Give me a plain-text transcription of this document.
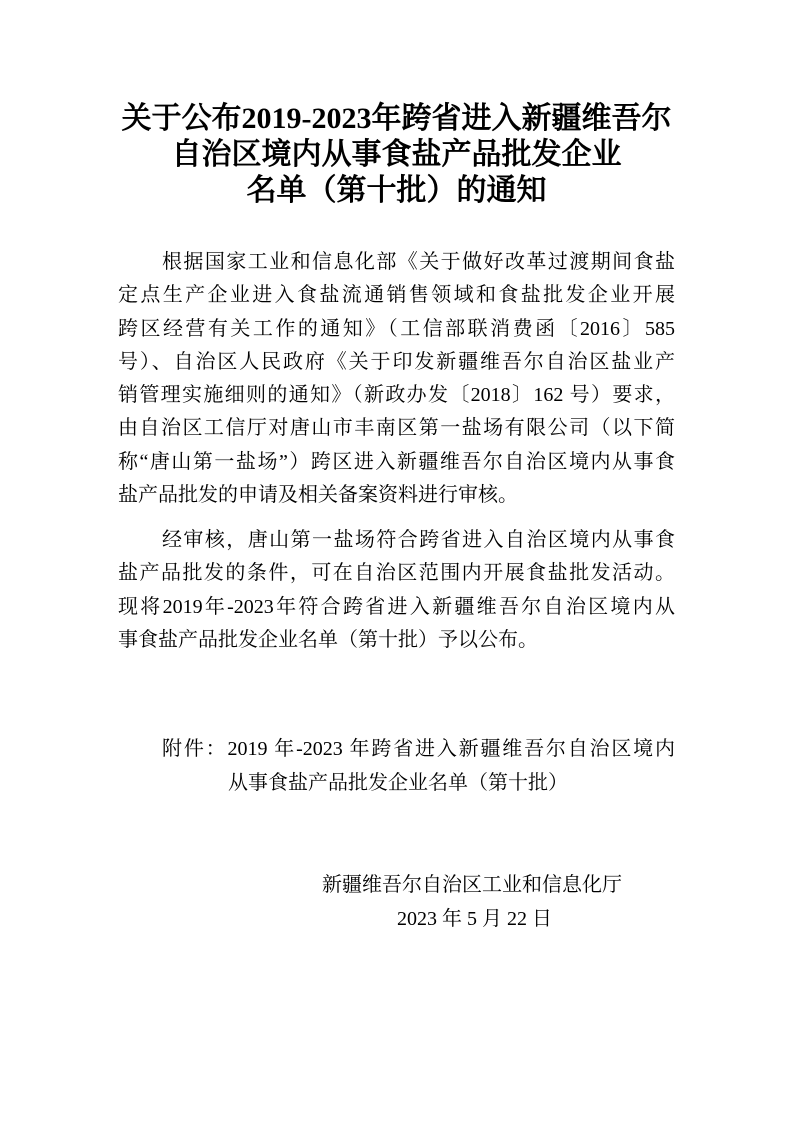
关于公布2019-2023年跨省进入新疆维吾尔
自治区境内从事食盐产品批发企业
名单（第十批）的通知
根据国家工业和信息化部《关于做好改革过渡期间食盐
定点生产企业进入食盐流通销售领域和食盐批发企业开展
跨区经营有关工作的通知》（工信部联消费函〔2016〕585
号）、自治区人民政府《关于印发新疆维吾尔自治区盐业产
销管理实施细则的通知》（新政办发〔2018〕162 号）要求，
由自治区工信厅对唐山市丰南区第一盐场有限公司（以下简
称“唐山第一盐场”）跨区进入新疆维吾尔自治区境内从事食
盐产品批发的申请及相关备案资料进行审核。
经审核，唐山第一盐场符合跨省进入自治区境内从事食
盐产品批发的条件，可在自治区范围内开展食盐批发活动。
现将2019年-2023年符合跨省进入新疆维吾尔自治区境内从
事食盐产品批发企业名单（第十批）予以公布。
附件：2019 年-2023 年跨省进入新疆维吾尔自治区境内
从事食盐产品批发企业名单（第十批）
新疆维吾尔自治区工业和信息化厅
2023 年 5 月 22 日
